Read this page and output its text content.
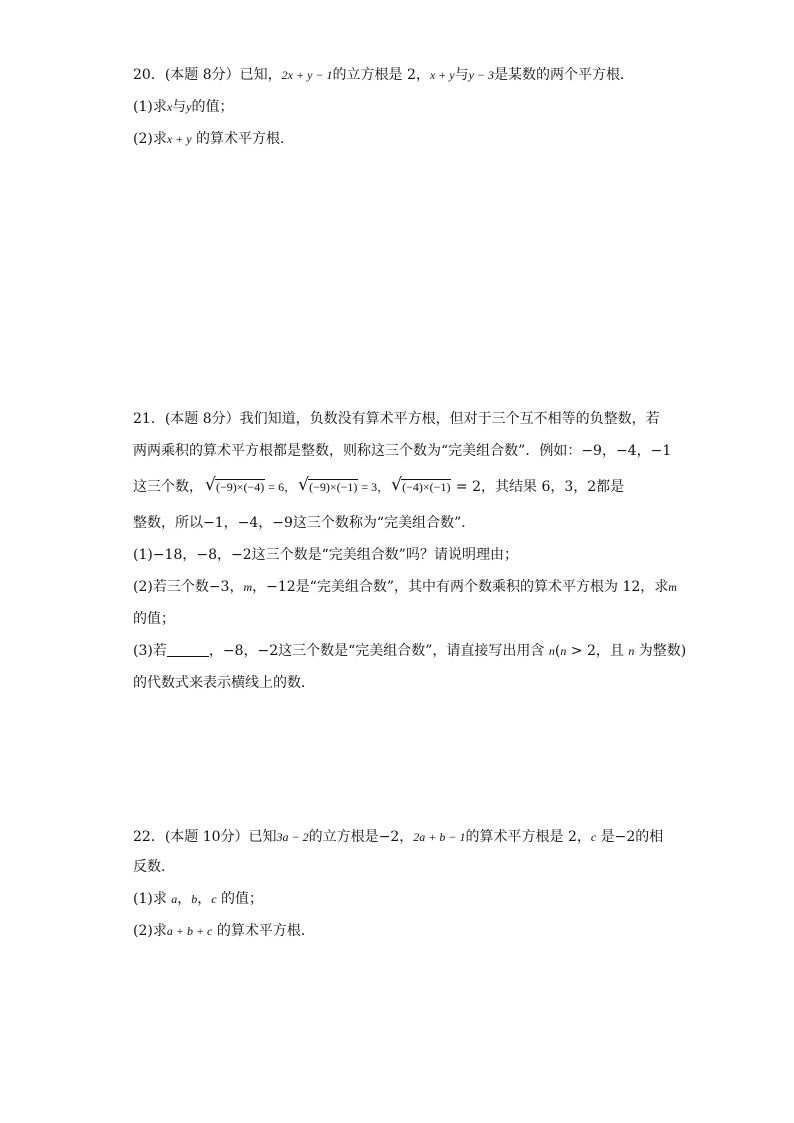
20．(本题 8分）已知，2x + y − 1的立方根是 2，x + y与y − 3是某数的两个平方根．
(1)求x与y的值；
(2)求x + y 的算术平方根．
21．(本题 8分）我们知道，负数没有算术平方根，但对于三个互不相等的负整数，若
两两乘积的算术平方根都是整数，则称这三个数为“完美组合数”．例如：−9，−4，−1
这三个数， √ (−9)×(−4) = 6， √ (−9)×(−1) = 3， √ (−4)×(−1) = 2，其结果 6，3，2都是
整数，所以−1，−4，−9这三个数称为“完美组合数”．
(1)−18，−8，−2这三个数是“完美组合数”吗？请说明理由；
(2)若三个数−3，m，−12是“完美组合数”，其中有两个数乘积的算术平方根为 12，求m
的值；
(3)若	，−8，−2这三个数是“完美组合数”，请直接写出用含 n(n > 2，且 n 为整数)
的代数式来表示横线上的数．
22．(本题 10分）已知3a − 2的立方根是−2，2a + b − 1的算术平方根是 2，c 是−2的相
反数．
(1)求 a，b，c 的值；
(2)求a + b + c 的算术平方根．
